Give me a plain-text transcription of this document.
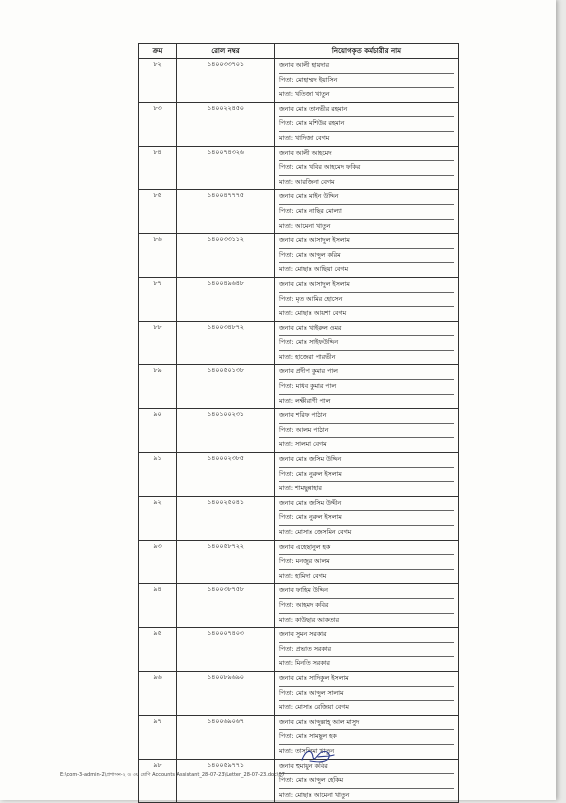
ক্রম	রোল নম্বর	নিয়োগকৃত কর্মচারীর নাম
৮২	১৪০০৩৩৭০১	জনাব আলী হায়দার
পিতা: মোহাম্মদ ইয়াসিন
মাতা: খতিজা খাতুন

৮৩	১৪০০২২৪৫০	জনাব মোঃ তানভীর রহমান
পিতা: মোঃ মশিউর রহমান
মাতা: খাদিজা বেগম

৮৪	১৪০০৭৪৩২৬	জনাব আলী আহমেদ
পিতা: মোঃ খবির আহমেদ ফকির
মাতা: আরজিনা বেগম

৮৫	১৪০০৪৭৭৭৫	জনাব মোঃ মাইন উদ্দিন
পিতা: মোঃ নাছির মোল্যা
মাতা: আমেনা খাতুন

৮৬	১৪০০৩৩১১২	জনাব মোঃ আসাদুল ইসলাম
পিতা: মোঃ আব্দুল করিম
মাতা: মোছাঃ আছিয়া বেগম

৮৭	১৪০০৪৯৬৪৮	জনাব মোঃ আসাদুল ইসলাম
পিতা: মৃত আমির হোসেন
মাতা: মোছাঃ আয়শা বেগম

৮৮	১৪০০৩৪৮৭২	জনাব মোঃ খাইরুল ওমর
পিতা: মোঃ সাইফউদ্দিন
মাতা: হাজেরা পারভীন

৮৯	১৪০০৫০১৩৮	জনাব প্রদীপ কুমার পাল
পিতা: মাধব কুমার পাল
মাতা: লক্ষীরাণী পাল

৯০	১৪০১০০২৩১	জনাব শরিফ পাঠান
পিতা: আলম পাঠান
মাতা: সালমা বেগম

৯১	১৪০০০২৩৮৫	জনাব মোঃ জসিম উদ্দিন
পিতা: মোঃ নুরুল ইসলাম
মাতা: শামছুন্নাহার

৯২	১৪০০২৫০৪১	জনাব মোঃ জসিম উদ্দীন
পিতা: মোঃ নুরুল ইসলাম
মাতা: মোসাঃ জেসমিন বেগম

৯৩	১৪০০৫৮৭২২	জনাব এহেছানুল হক
পিতা: মনজুর আলম
মাতা: হামিদা বেগম

৯৪	১৪০০৩৮৭৫৮	জনাব ফাহিম উদ্দিন
পিতা: আহমদ কবির
মাতা: কাউছার আকতার

৯৫	১৪০০০৭৪০৩	জনাব সুমন সরকার
পিতা: প্রভাত সরকার
মাতা: মিনতি সরকার

৯৬	১৪০০৮৯৬৯০	জনাব মোঃ সাদিকুল ইসলাম
পিতা: মোঃ আব্দুল সালাম
মাতা: মোসাঃ রেজিয়া বেগম

৯৭	১৪০০৬৯০৬৭	জনাব মোঃ আব্দুল্লাহ্ আল মাসুদ
পিতা: মোঃ সামছুল হক
মাতা: তাসলিমা খাতুন

৯৮	১৪০০৫৯৭৭১	জনাব হুমায়ুন কবির
পিতা: মোঃ আব্দুল হেকিম
মাতা: মোছাঃ আমেনা খাতুন
E:\com-3-admin-2\প্রশাসন-২ ও ৩য় শ্রেণি Accounts Assistant_28-07-23\Letter_28-07-23.doc\07
